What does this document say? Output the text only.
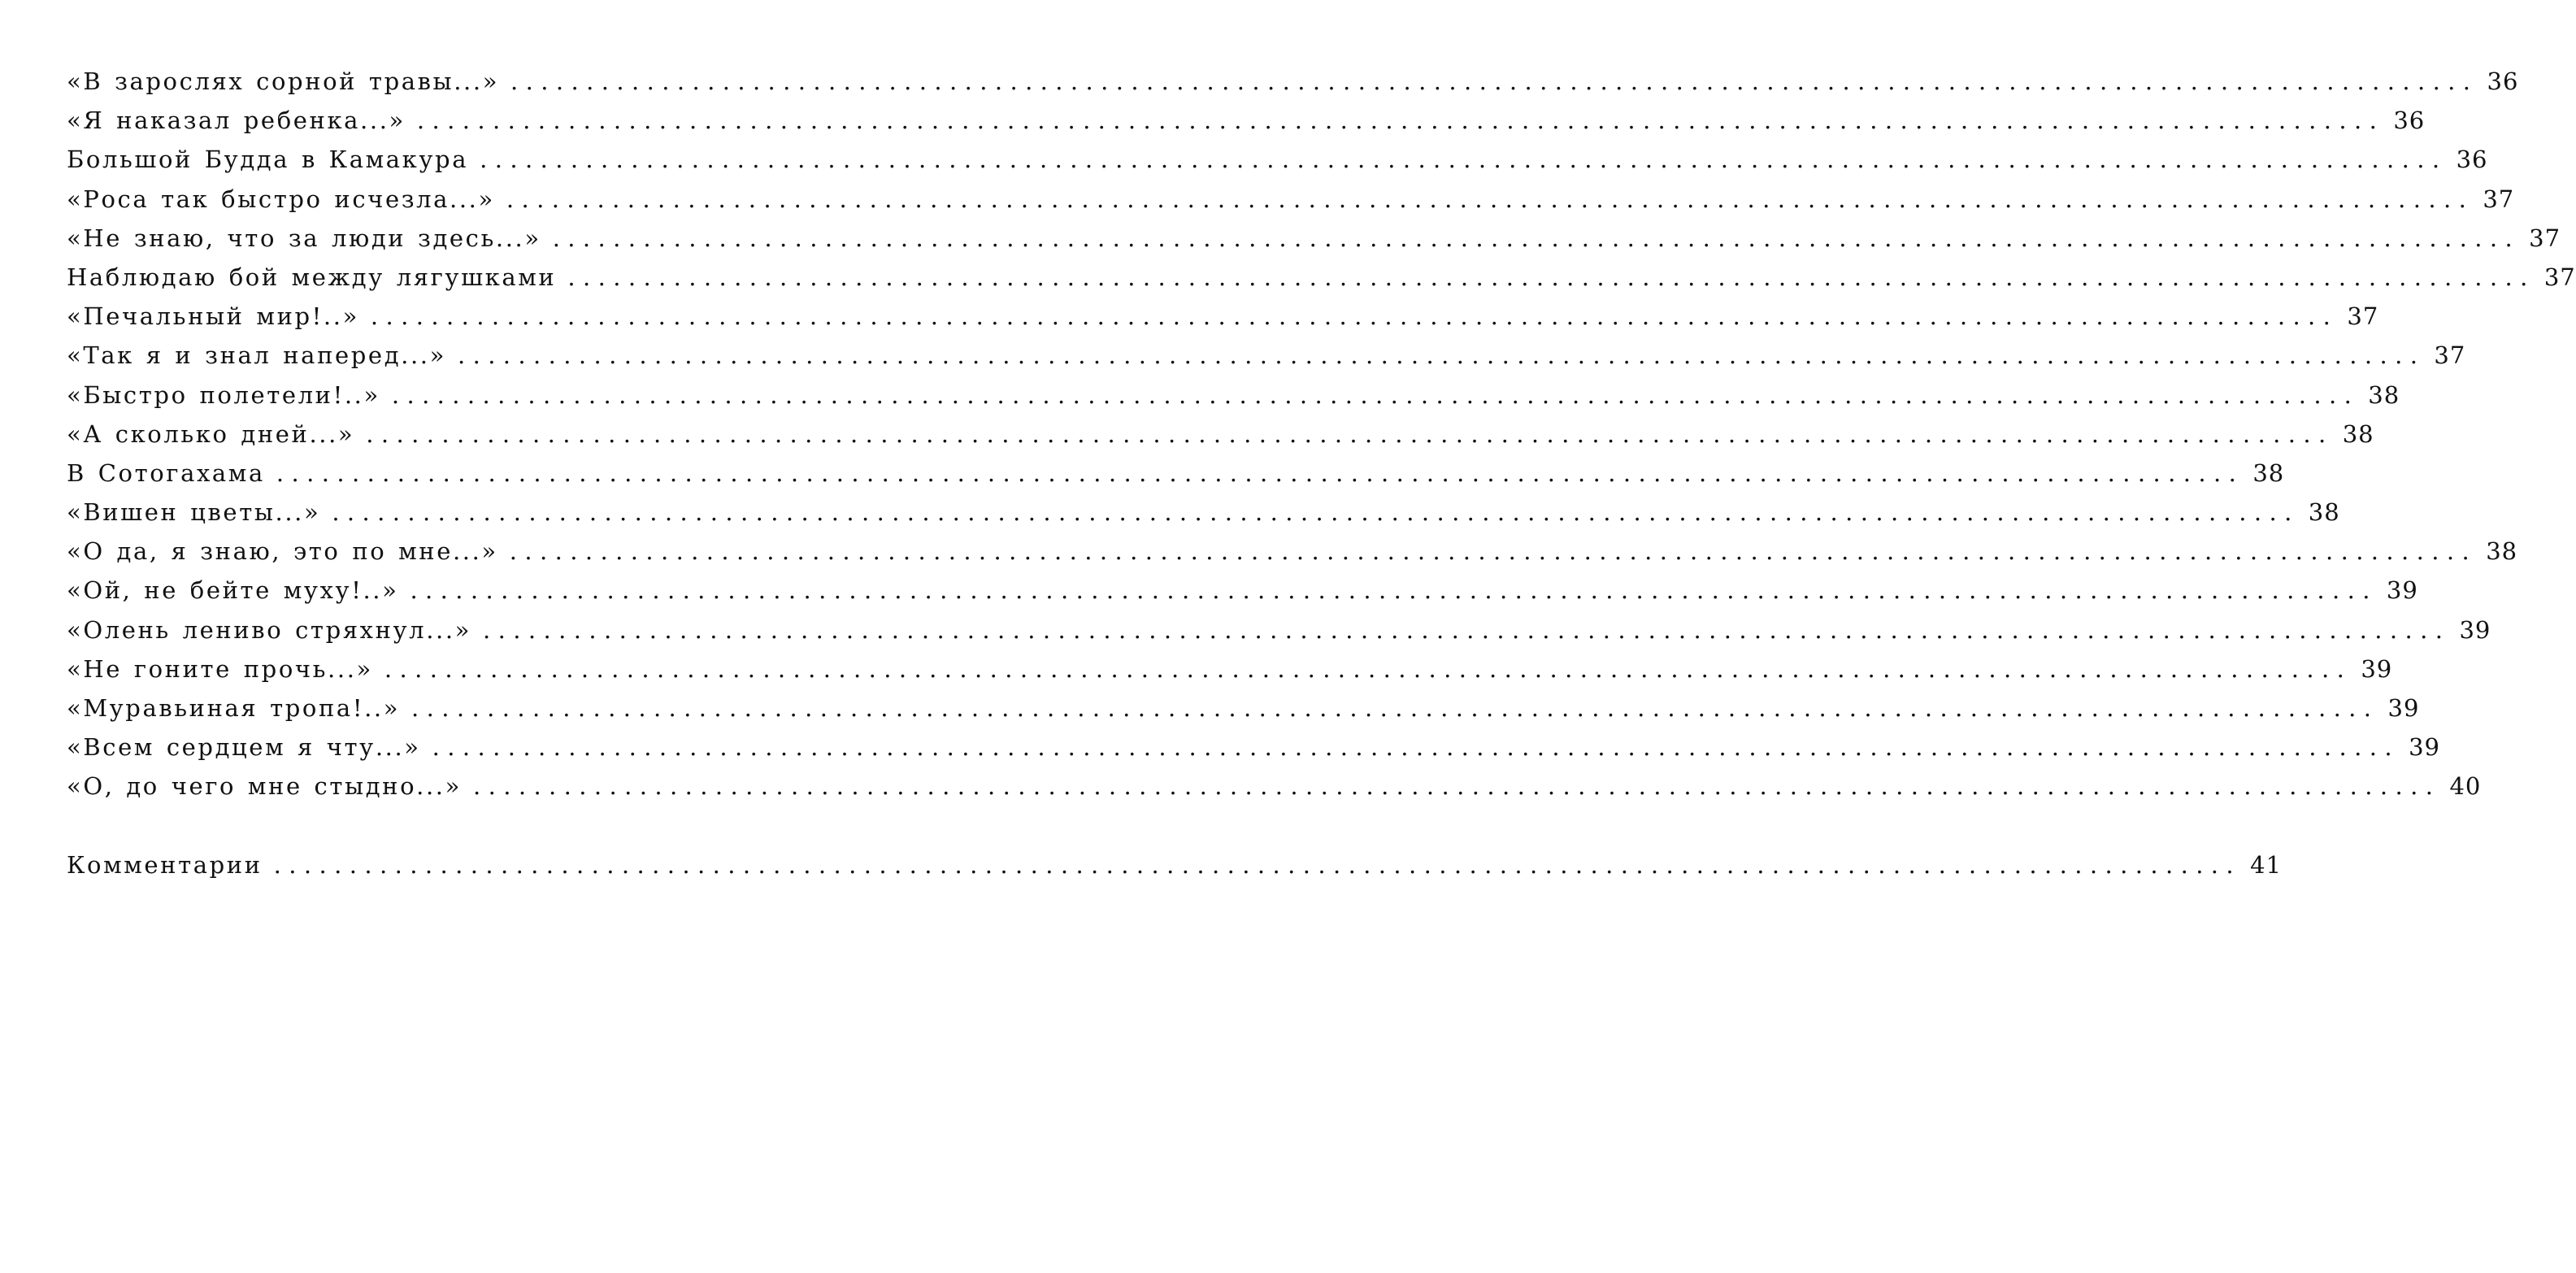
«В зарослях сорной травы...» .................................................................................................................................. 36
«Я наказал ребенка...» .................................................................................................................................. 36
Большой Будда в Камакура .................................................................................................................................. 36
«Роса так быстро исчезла...» .................................................................................................................................. 37
«Не знаю, что за люди здесь...» .................................................................................................................................. 37
Наблюдаю бой между лягушками .................................................................................................................................. 37
«Печальный мир!..» .................................................................................................................................. 37
«Так я и знал наперед...» .................................................................................................................................. 37
«Быстро полетели!..» .................................................................................................................................. 38
«А сколько дней...» .................................................................................................................................. 38
В Сотогахама .................................................................................................................................. 38
«Вишен цветы...» .................................................................................................................................. 38
«О да, я знаю, это по мне...» .................................................................................................................................. 38
«Ой, не бейте муху!..» .................................................................................................................................. 39
«Олень лениво стряхнул...» .................................................................................................................................. 39
«Не гоните прочь...» .................................................................................................................................. 39
«Муравьиная тропа!..» .................................................................................................................................. 39
«Всем сердцем я чту...» .................................................................................................................................. 39
«О, до чего мне стыдно...» .................................................................................................................................. 40
Комментарии .................................................................................................................................. 41
